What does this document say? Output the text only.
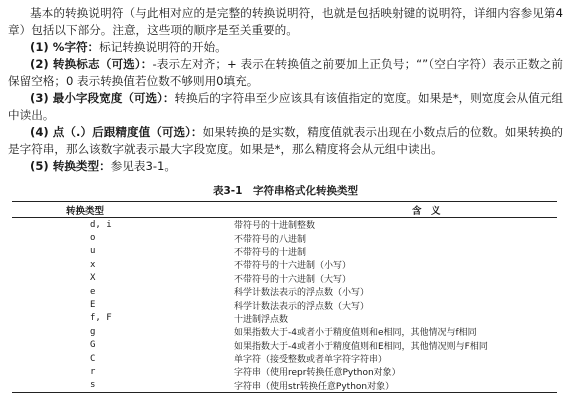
基本的转换说明符（与此相对应的是完整的转换说明符，也就是包括映射键的说明符，详细内容参见第4章）包括以下部分。注意，这些项的顺序是至关重要的。

(1) %字符：标记转换说明符的开始。

(2) 转换标志（可选）：-表示左对齐；+ 表示在转换值之前要加上正负号；“”（空白字符）表示正数之前保留空格；0 表示转换值若位数不够则用0填充。

(3) 最小字段宽度（可选）：转换后的字符串至少应该具有该值指定的宽度。如果是*，则宽度会从值元组中读出。

(4) 点（.）后跟精度值（可选）：如果转换的是实数，精度值就表示出现在小数点后的位数。如果转换的是字符串，那么该数字就表示最大字段宽度。如果是*，那么精度将会从元组中读出。

(5) 转换类型：参见表3-1。

表3-1　字符串格式化转换类型
转换类型	含　义
d, i	带符号的十进制整数
o	不带符号的八进制
u	不带符号的十进制
x	不带符号的十六进制（小写）
X	不带符号的十六进制（大写）
e	科学计数法表示的浮点数（小写）
E	科学计数法表示的浮点数（大写）
f, F	十进制浮点数
g	如果指数大于-4或者小于精度值则和e相同，其他情况与f相同
G	如果指数大于-4或者小于精度值则和E相同，其他情况则与F相同
C	单字符（接受整数或者单字符字符串）
r	字符串（使用repr转换任意Python对象）
s	字符串（使用str转换任意Python对象）
